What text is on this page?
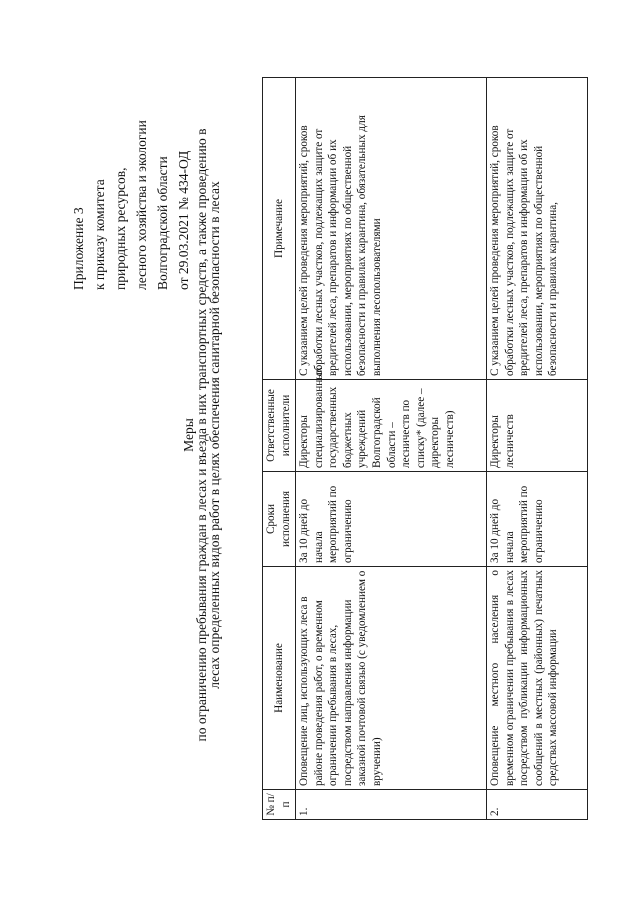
Приложение 3 к приказу комитета природных ресурсов, лесного хозяйства и экологии Волгоградской области от 29.03.2021 № 434-ОД
Меры
по ограничению пребывания граждан в лесах и въезда в них транспортных средств, а также проведению в
лесах определенных видов работ в целях обеспечения санитарной безопасности в лесах
№ п/п	Наименование	Сроки исполнения	Ответственные исполнители	Примечание
1.	Оповещение лиц, использующих леса в районе проведения работ, о временном ограничении пребывания в лесах, посредством направления информации заказной почтовой связью (с уведомлением о вручении)	За 10 дней до начала мероприятий по ограничению	Директоры специализированных государственных бюджетных учреждений Волгоградской области – лесничеств по списку* (далее – директоры лесничеств)	С указанием целей проведения мероприятий, сроков обработки лесных участков, подлежащих защите от вредителей леса, препаратов и информации об их использовании, мероприятиях по общественной безопасности и правилах карантина, обязательных для выполнения лесопользователями
2.	Оповещение местного населения о временном ограничении пребывания в лесах посредством публикации информационных сообщений в местных (районных) печатных средствах массовой информации	За 10 дней до начала мероприятий по ограничению	Директоры лесничеств	С указанием целей проведения мероприятий, сроков обработки лесных участков, подлежащих защите от вредителей леса, препаратов и информации об их использовании, мероприятиях по общественной безопасности и правилах карантина,
